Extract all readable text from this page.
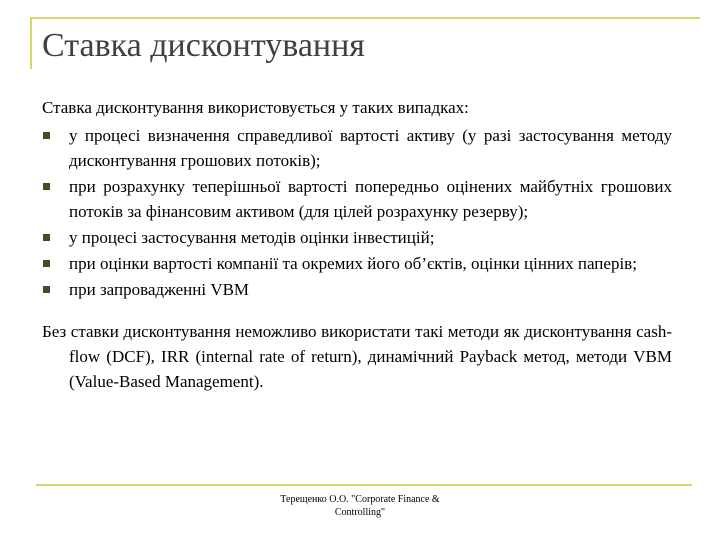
Ставка дисконтування
Ставка дисконтування використовується у таких випадках:
у процесі визначення справедливої вартості активу (у разі застосування методу дисконтування грошових потоків);
при розрахунку теперішньої вартості попередньо оцінених майбутніх грошових потоків за фінансовим активом (для цілей розрахунку резерву);
у процесі застосування методів оцінки інвестицій;
при оцінки вартості компанії та окремих його об’єктів, оцінки цінних паперів;
при запровадженні VBM
Без ставки дисконтування неможливо використати такі методи як дисконтування cash-flow (DCF), IRR (internal rate of return), динамічний Payback метод, методи VBM (Value-Based Management).
Терещенко О.О. "Corporate Finance &
Controlling"
